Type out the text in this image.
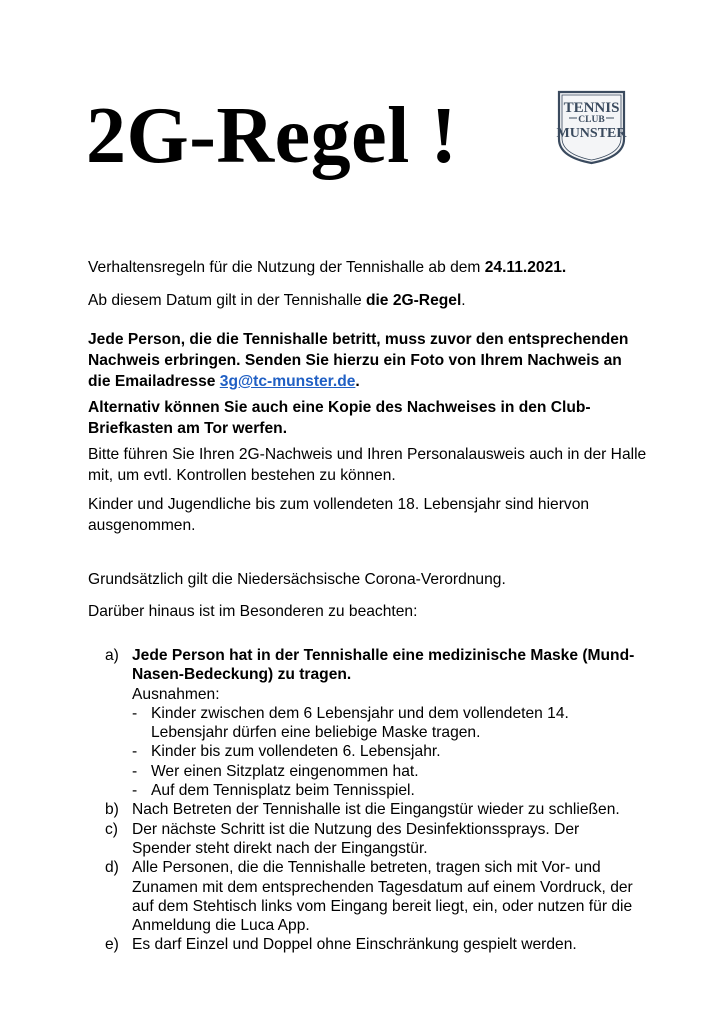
2G-Regel !	TENNIS
CLUB
MUNSTER

Verhaltensregeln für die Nutzung der Tennishalle ab dem 24.11.2021.

Ab diesem Datum gilt in der Tennishalle die 2G-Regel.

Jede Person, die die Tennishalle betritt, muss zuvor den entsprechenden Nachweis erbringen. Senden Sie hierzu ein Foto von Ihrem Nachweis an die Emailadresse 3g@tc-munster.de.

Alternativ können Sie auch eine Kopie des Nachweises in den Club-Briefkasten am Tor werfen.

Bitte führen Sie Ihren 2G-Nachweis und Ihren Personalausweis auch in der Halle mit, um evtl. Kontrollen bestehen zu können.

Kinder und Jugendliche bis zum vollendeten 18. Lebensjahr sind hiervon ausgenommen.

Grundsätzlich gilt die Niedersächsische Corona-Verordnung.

Darüber hinaus ist im Besonderen zu beachten:

a) Jede Person hat in der Tennishalle eine medizinische Maske (Mund-Nasen-Bedeckung) zu tragen.
Ausnahmen:
- Kinder zwischen dem 6 Lebensjahr und dem vollendeten 14. Lebensjahr dürfen eine beliebige Maske tragen.
- Kinder bis zum vollendeten 6. Lebensjahr.
- Wer einen Sitzplatz eingenommen hat.
- Auf dem Tennisplatz beim Tennisspiel.
b) Nach Betreten der Tennishalle ist die Eingangstür wieder zu schließen.
c) Der nächste Schritt ist die Nutzung des Desinfektionssprays. Der Spender steht direkt nach der Eingangstür.
d) Alle Personen, die die Tennishalle betreten, tragen sich mit Vor- und Zunamen mit dem entsprechenden Tagesdatum auf einem Vordruck, der auf dem Stehtisch links vom Eingang bereit liegt, ein, oder nutzen für die Anmeldung die Luca App.
e) Es darf Einzel und Doppel ohne Einschränkung gespielt werden.
